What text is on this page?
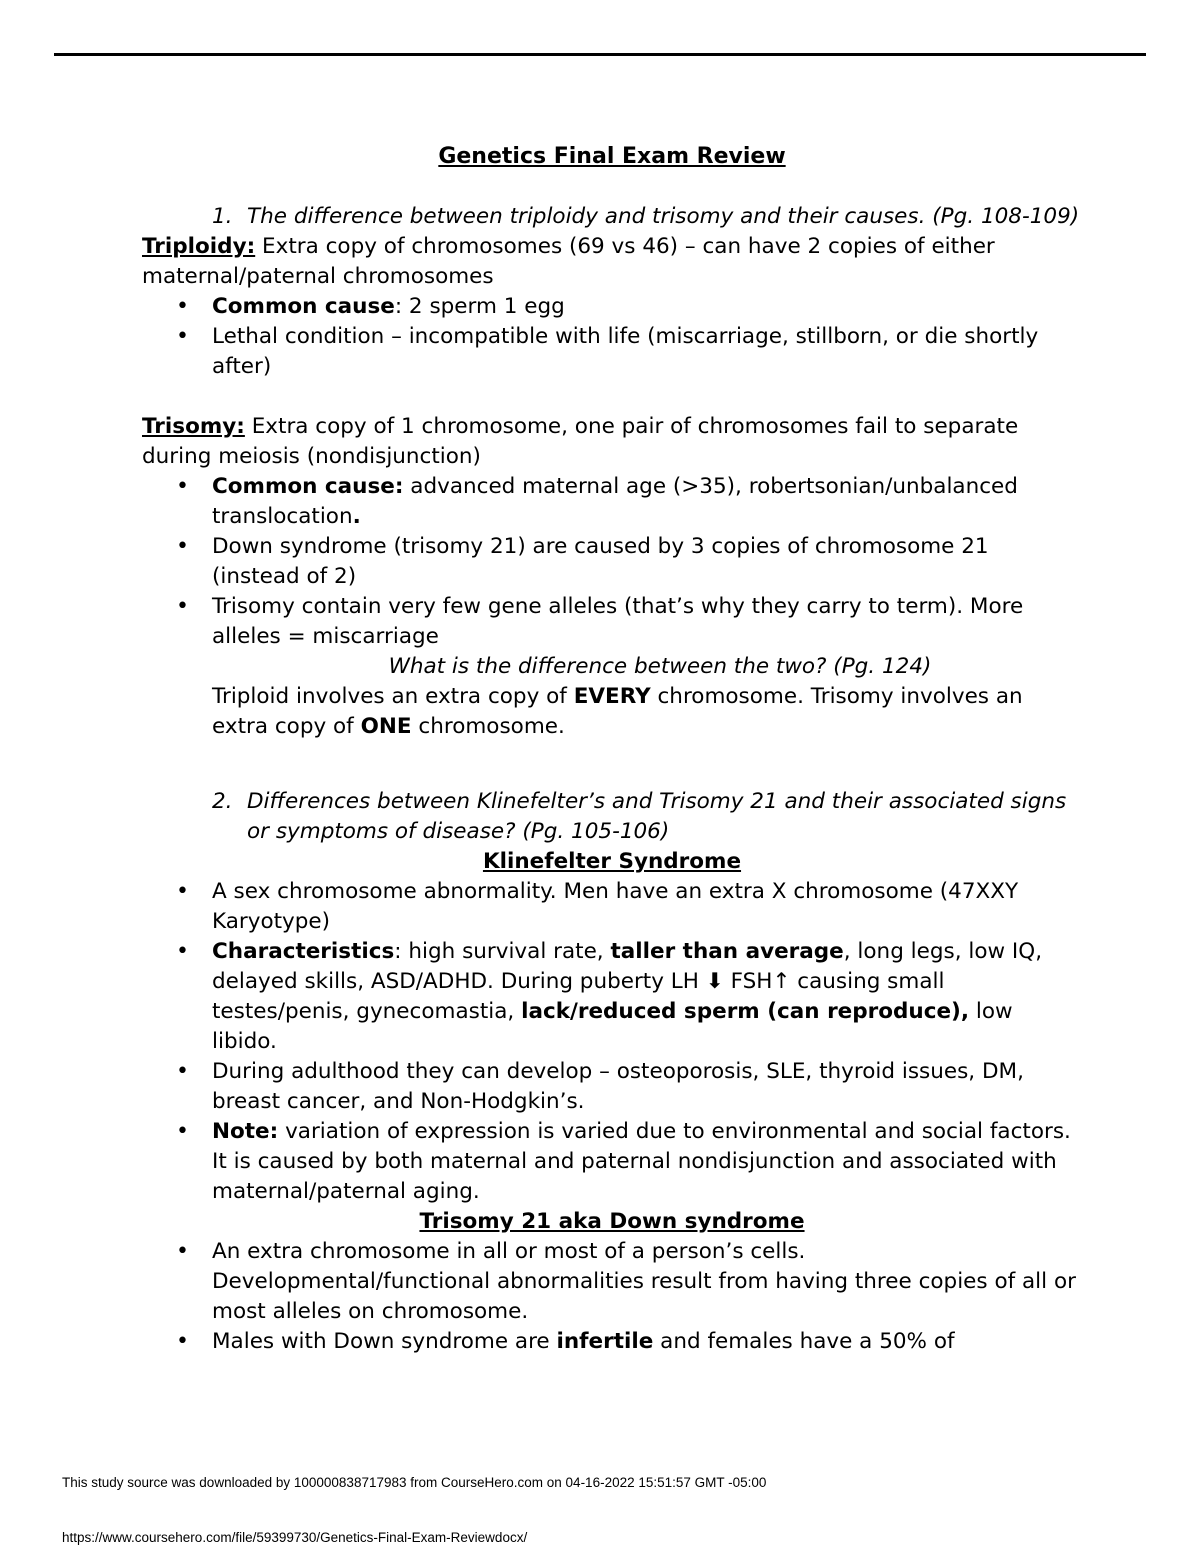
Genetics Final Exam Review
1. The difference between triploidy and trisomy and their causes. (Pg. 108-109)
Triploidy: Extra copy of chromosomes (69 vs 46) – can have 2 copies of either maternal/paternal chromosomes
• Common cause: 2 sperm 1 egg
• Lethal condition – incompatible with life (miscarriage, stillborn, or die shortly after)
Trisomy: Extra copy of 1 chromosome, one pair of chromosomes fail to separate during meiosis (nondisjunction)
• Common cause: advanced maternal age (>35), robertsonian/unbalanced translocation.
• Down syndrome (trisomy 21) are caused by 3 copies of chromosome 21 (instead of 2)
• Trisomy contain very few gene alleles (that’s why they carry to term). More alleles = miscarriage
What is the difference between the two? (Pg. 124)
Triploid involves an extra copy of EVERY chromosome. Trisomy involves an extra copy of ONE chromosome.
2. Differences between Klinefelter’s and Trisomy 21 and their associated signs or symptoms of disease? (Pg. 105-106)
Klinefelter Syndrome
• A sex chromosome abnormality. Men have an extra X chromosome (47XXY Karyotype)
• Characteristics: high survival rate, taller than average, long legs, low IQ, delayed skills, ASD/ADHD. During puberty LH ⬇ FSH↑ causing small testes/penis, gynecomastia, lack/reduced sperm (can reproduce), low libido.
• During adulthood they can develop – osteoporosis, SLE, thyroid issues, DM, breast cancer, and Non-Hodgkin’s.
• Note: variation of expression is varied due to environmental and social factors. It is caused by both maternal and paternal nondisjunction and associated with maternal/paternal aging.
Trisomy 21 aka Down syndrome
• An extra chromosome in all or most of a person’s cells. Developmental/functional abnormalities result from having three copies of all or most alleles on chromosome.
• Males with Down syndrome are infertile and females have a 50% of
This study source was downloaded by 100000838717983 from CourseHero.com on 04-16-2022 15:51:57 GMT -05:00
https://www.coursehero.com/file/59399730/Genetics-Final-Exam-Reviewdocx/
